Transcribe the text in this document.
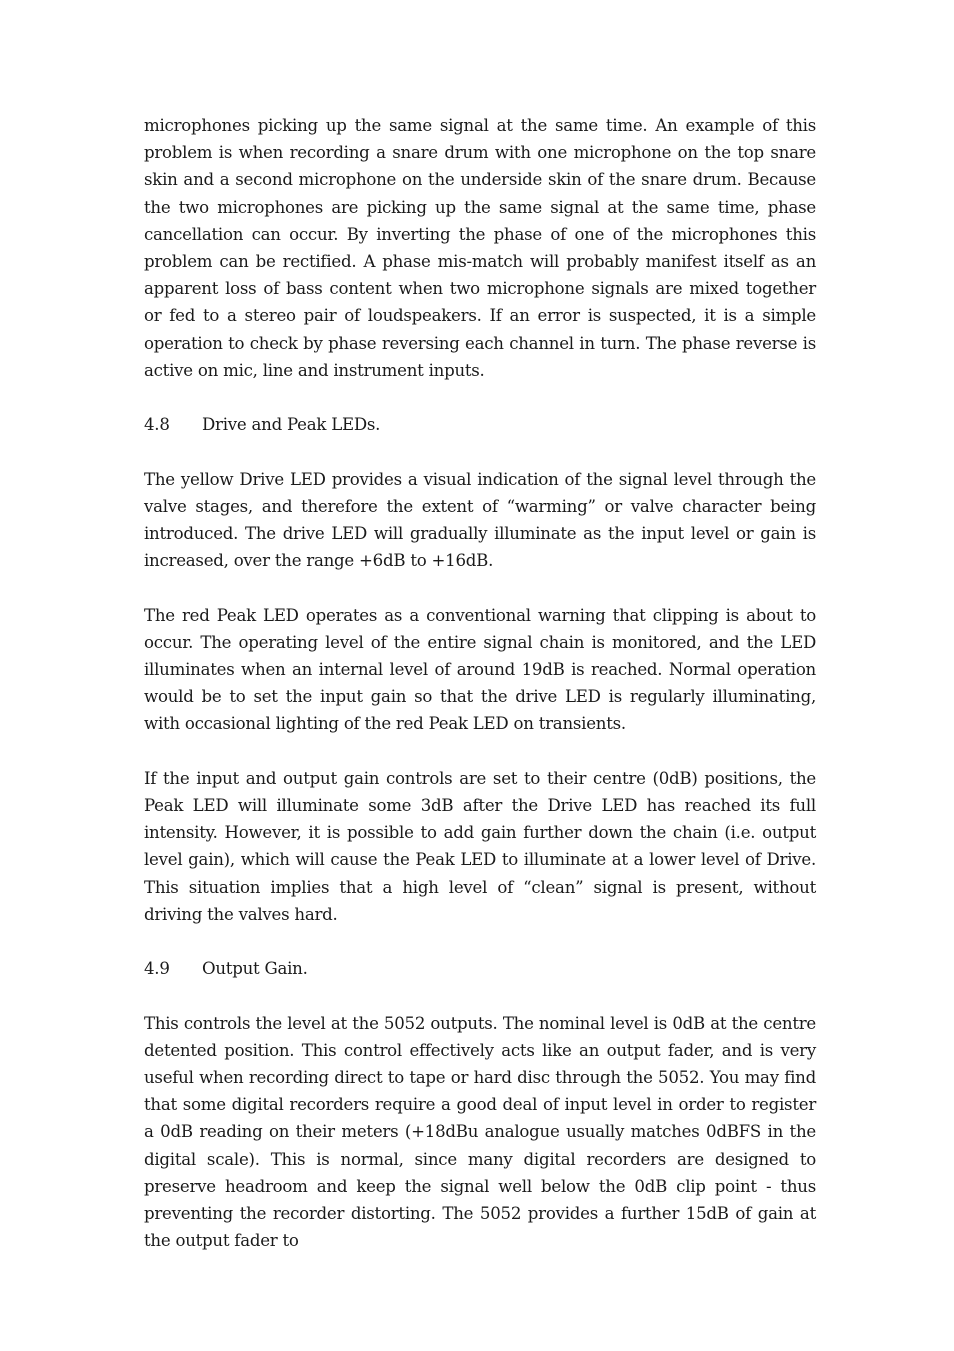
microphones picking up the same signal at the same time. An example of this problem is when recording a snare drum with one microphone on the top snare skin and a second microphone on the underside skin of the snare drum. Because the two microphones are picking up the same signal at the same time, phase cancellation can occur. By inverting the phase of one of the microphones this problem can be rectified. A phase mis-match will probably manifest itself as an apparent loss of bass content when two microphone signals are mixed together or fed to a stereo pair of loudspeakers. If an error is suspected, it is a simple operation to check by phase reversing each channel in turn. The phase reverse is active on mic, line and instrument inputs.

4.8	Drive and Peak LEDs.

The yellow Drive LED provides a visual indication of the signal level through the valve stages, and therefore the extent of “warming” or valve character being introduced. The drive LED will gradually illuminate as the input level or gain is increased, over the range +6dB to +16dB.

The red Peak LED operates as a conventional warning that clipping is about to occur. The operating level of the entire signal chain is monitored, and the LED illuminates when an internal level of around 19dB is reached. Normal operation would be to set the input gain so that the drive LED is regularly illuminating, with occasional lighting of the red Peak LED on transients.

If the input and output gain controls are set to their centre (0dB) positions, the Peak LED will illuminate some 3dB after the Drive LED has reached its full intensity. However, it is possible to add gain further down the chain (i.e. output level gain), which will cause the Peak LED to illuminate at a lower level of Drive. This situation implies that a high level of “clean” signal is present, without driving the valves hard.

4.9	Output Gain.

This controls the level at the 5052 outputs. The nominal level is 0dB at the centre detented position. This control effectively acts like an output fader, and is very useful when recording direct to tape or hard disc through the 5052. You may find that some digital recorders require a good deal of input level in order to register a 0dB reading on their meters (+18dBu analogue usually matches 0dBFS in the digital scale). This is normal, since many digital recorders are designed to preserve headroom and keep the signal well below the 0dB clip point - thus preventing the recorder distorting. The 5052 provides a further 15dB of gain at the output fader to
